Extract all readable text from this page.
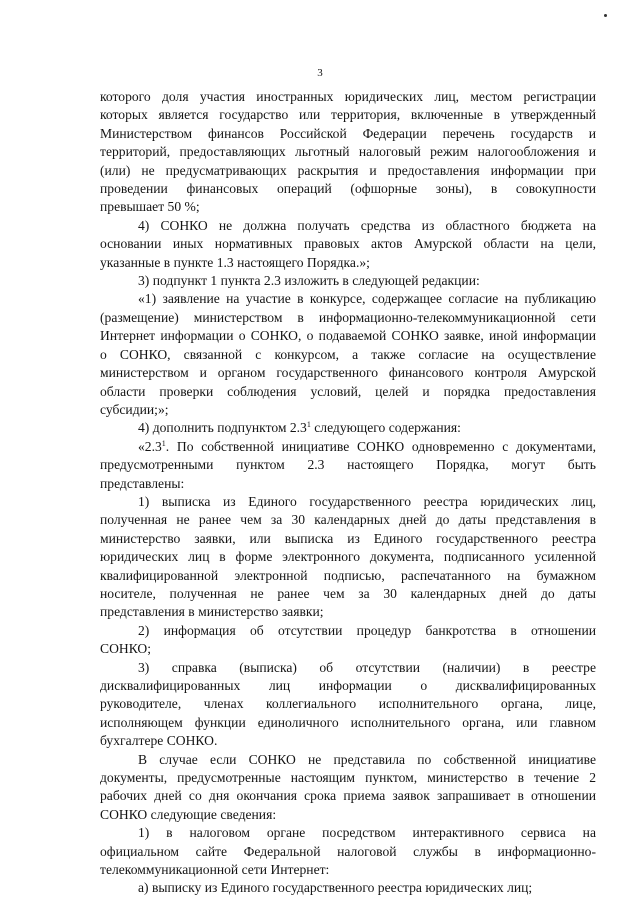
3

которого доля участия иностранных юридических лиц, местом регистрации

которых является государство или территория, включенные в утвержденный

Министерством финансов Российской Федерации перечень государств и

территорий, предоставляющих льготный налоговый режим налогообложения и

(или) не предусматривающих раскрытия и предоставления информации при

проведении финансовых операций (офшорные зоны), в совокупности

превышает 50 %;

4) СОНКО не должна получать средства из областного бюджета на

основании иных нормативных правовых актов Амурской области на цели,

указанные в пункте 1.3 настоящего Порядка.»;

3) подпункт 1 пункта 2.3 изложить в следующей редакции:

«1) заявление на участие в конкурсе, содержащее согласие на публикацию

(размещение) министерством в информационно-телекоммуникационной сети

Интернет информации о СОНКО, о подаваемой СОНКО заявке, иной информации

о СОНКО, связанной с конкурсом, а также согласие на осуществление

министерством и органом государственного финансового контроля Амурской

области проверки соблюдения условий, целей и порядка предоставления

субсидии;»;

4) дополнить подпунктом $2.3^1$ следующего содержания:

«$2.3^1$. По собственной инициативе СОНКО одновременно с документами,

предусмотренными пунктом 2.3 настоящего Порядка, могут быть

представлены:

1) выписка из Единого государственного реестра юридических лиц,

полученная не ранее чем за 30 календарных дней до даты представления в

министерство заявки, или выписка из Единого государственного реестра

юридических лиц в форме электронного документа, подписанного усиленной

квалифицированной электронной подписью, распечатанного на бумажном

носителе, полученная не ранее чем за 30 календарных дней до даты

представления в министерство заявки;

2) информация об отсутствии процедур банкротства в отношении

СОНКО;

3) справка (выписка) об отсутствии (наличии) в реестре

дисквалифицированных лиц информации о дисквалифицированных

руководителе, членах коллегиального исполнительного органа, лице,

исполняющем функции единоличного исполнительного органа, или главном

бухгалтере СОНКО.

В случае если СОНКО не представила по собственной инициативе

документы, предусмотренные настоящим пунктом, министерство в течение 2

рабочих дней со дня окончания срока приема заявок запрашивает в отношении

СОНКО следующие сведения:

1) в налоговом органе посредством интерактивного сервиса на

официальном сайте Федеральной налоговой службы в информационно-

телекоммуникационной сети Интернет:

а) выписку из Единого государственного реестра юридических лиц;
